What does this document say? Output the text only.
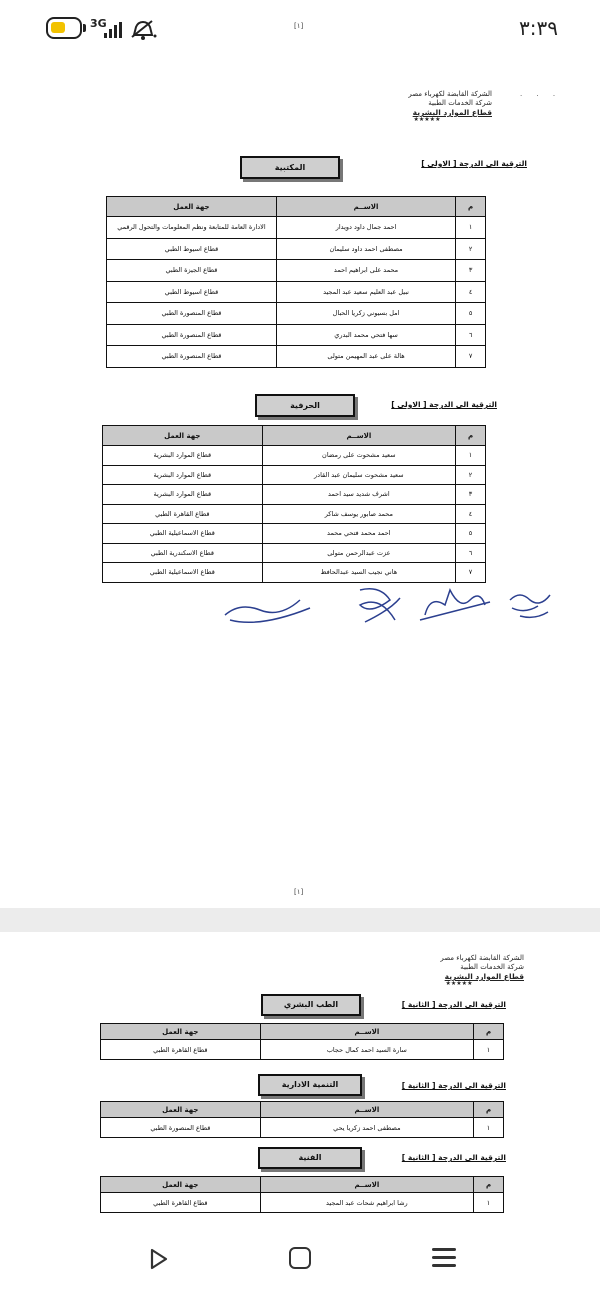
3G	[١]	٣:٣٩
الشركة القابضة لكهرباء مصر
شركة الخدمات الطبية
قطاع الموارد البشرية
★★★★★
· · ·
الترقية الى الدرجة [ الاولى ]
المكتبية
م	الاســم	جهة العمل
١	احمد جمال داود دويدار	الادارة العامة للمتابعة ونظم المعلومات والتحول الرقمي
٢	مصطفى احمد داود سليمان	قطاع اسيوط الطبي
٣	محمد على ابراهيم احمد	قطاع الجيزة الطبي
٤	نبيل عبد العليم سعيد عبد المجيد	قطاع اسيوط الطبي
٥	امل بسيوني زكريا الحبال	قطاع المنصورة الطبي
٦	سها فتحي محمد البدري	قطاع المنصورة الطبي
٧	هالة على عبد المهيمن متولى	قطاع المنصورة الطبي
الترقية الى الدرجة [ الاولى ]
الحرفية
م	الاســم	جهة العمل
١	سعيد مشحوت على رمضان	قطاع الموارد البشرية
٢	سعيد مشحوت سليمان عبد القادر	قطاع الموارد البشرية
٣	اشرف شديد سيد احمد	قطاع الموارد البشرية
٤	محمد صابور يوسف شاكر	قطاع القاهرة الطبي
٥	احمد محمد فتحي محمد	قطاع الاسماعيلية الطبي
٦	عزت عبدالرحمن متولى	قطاع الاسكندرية الطبي
٧	هاني نجيب السيد عبدالحافظ	قطاع الاسماعيلية الطبي
[١]
الشركة القابضة لكهرباء مصر
شركة الخدمات الطبية
قطاع الموارد البشرية
★★★★★
الترقية الى الدرجة [ الثانية ]
الطب البشري
م	الاســم	جهة العمل
١	سارة السيد احمد كمال حجاب	قطاع القاهرة الطبي
الترقية الى الدرجة [ الثانية ]
التنمية الادارية
م	الاســم	جهة العمل
١	مصطفى احمد زكريا يحي	قطاع المنصورة الطبي
الترقية الى الدرجة [ الثانية ]
الفنية
م	الاســم	جهة العمل
١	رشا ابراهيم شحات عبد المجيد	قطاع القاهرة الطبي
